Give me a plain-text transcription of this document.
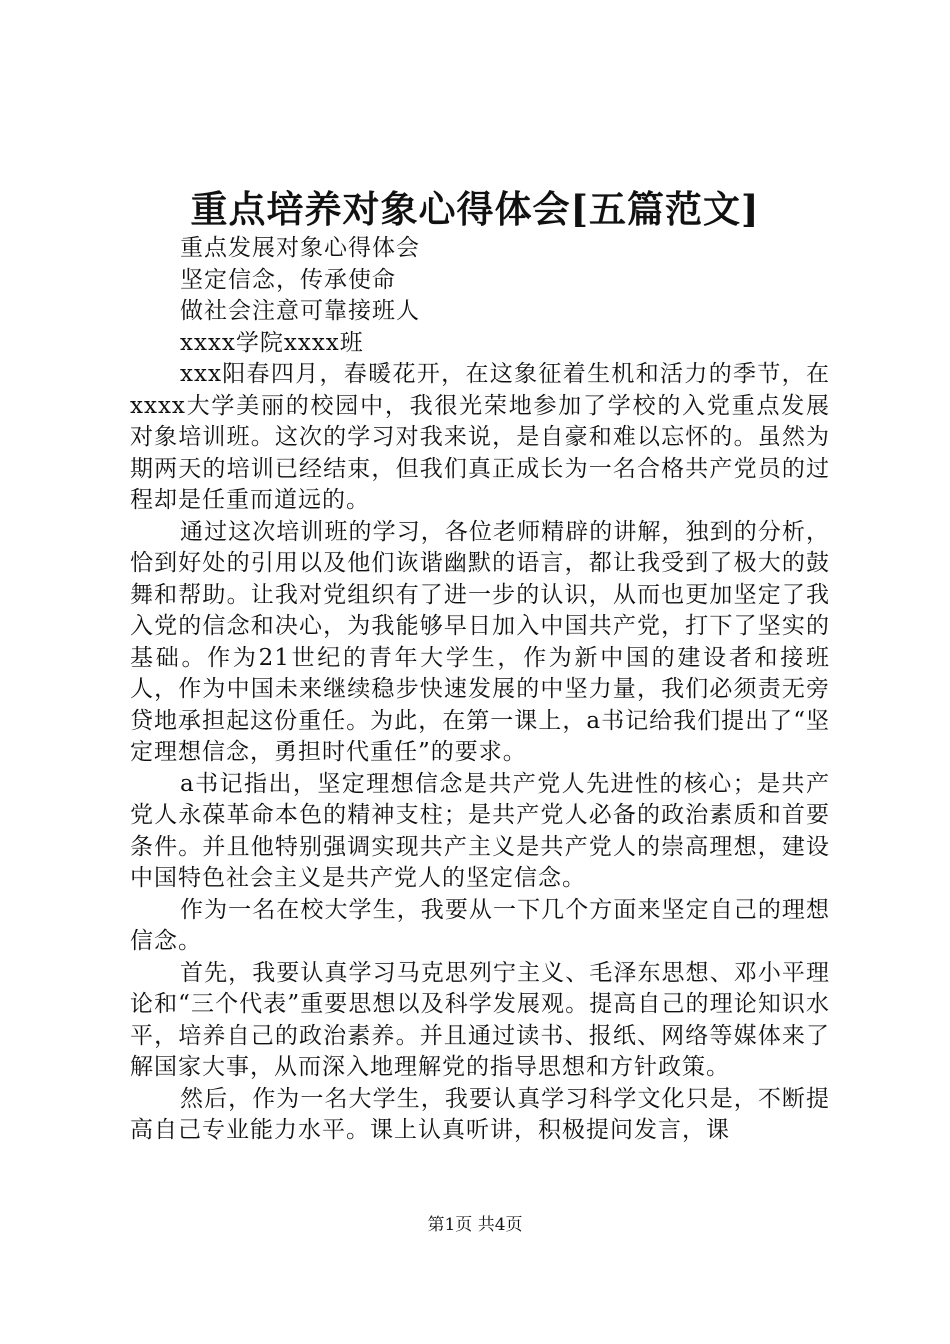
重点培养对象心得体会[五篇范文]

重点发展对象心得体会

坚定信念，传承使命

做社会注意可靠接班人

xxxx学院xxxx班

xxx阳春四月，春暖花开，在这象征着生机和活力的季节，在xxxx大学美丽的校园中，我很光荣地参加了学校的入党重点发展对象培训班。这次的学习对我来说，是自豪和难以忘怀的。虽然为期两天的培训已经结束，但我们真正成长为一名合格共产党员的过程却是任重而道远的。

通过这次培训班的学习，各位老师精辟的讲解，独到的分析，恰到好处的引用以及他们诙谐幽默的语言，都让我受到了极大的鼓舞和帮助。让我对党组织有了进一步的认识，从而也更加坚定了我入党的信念和决心，为我能够早日加入中国共产党，打下了坚实的基础。作为21世纪的青年大学生，作为新中国的建设者和接班人，作为中国未来继续稳步快速发展的中坚力量，我们必须责无旁贷地承担起这份重任。为此，在第一课上，a书记给我们提出了“坚定理想信念，勇担时代重任”的要求。

a书记指出，坚定理想信念是共产党人先进性的核心；是共产党人永葆革命本色的精神支柱；是共产党人必备的政治素质和首要条件。并且他特别强调实现共产主义是共产党人的崇高理想，建设中国特色社会主义是共产党人的坚定信念。

作为一名在校大学生，我要从一下几个方面来坚定自己的理想信念。

首先，我要认真学习马克思列宁主义、毛泽东思想、邓小平理论和“三个代表”重要思想以及科学发展观。提高自己的理论知识水平，培养自己的政治素养。并且通过读书、报纸、网络等媒体来了解国家大事，从而深入地理解党的指导思想和方针政策。

然后，作为一名大学生，我要认真学习科学文化只是，不断提高自己专业能力水平。课上认真听讲，积极提问发言，课

第1页 共4页
